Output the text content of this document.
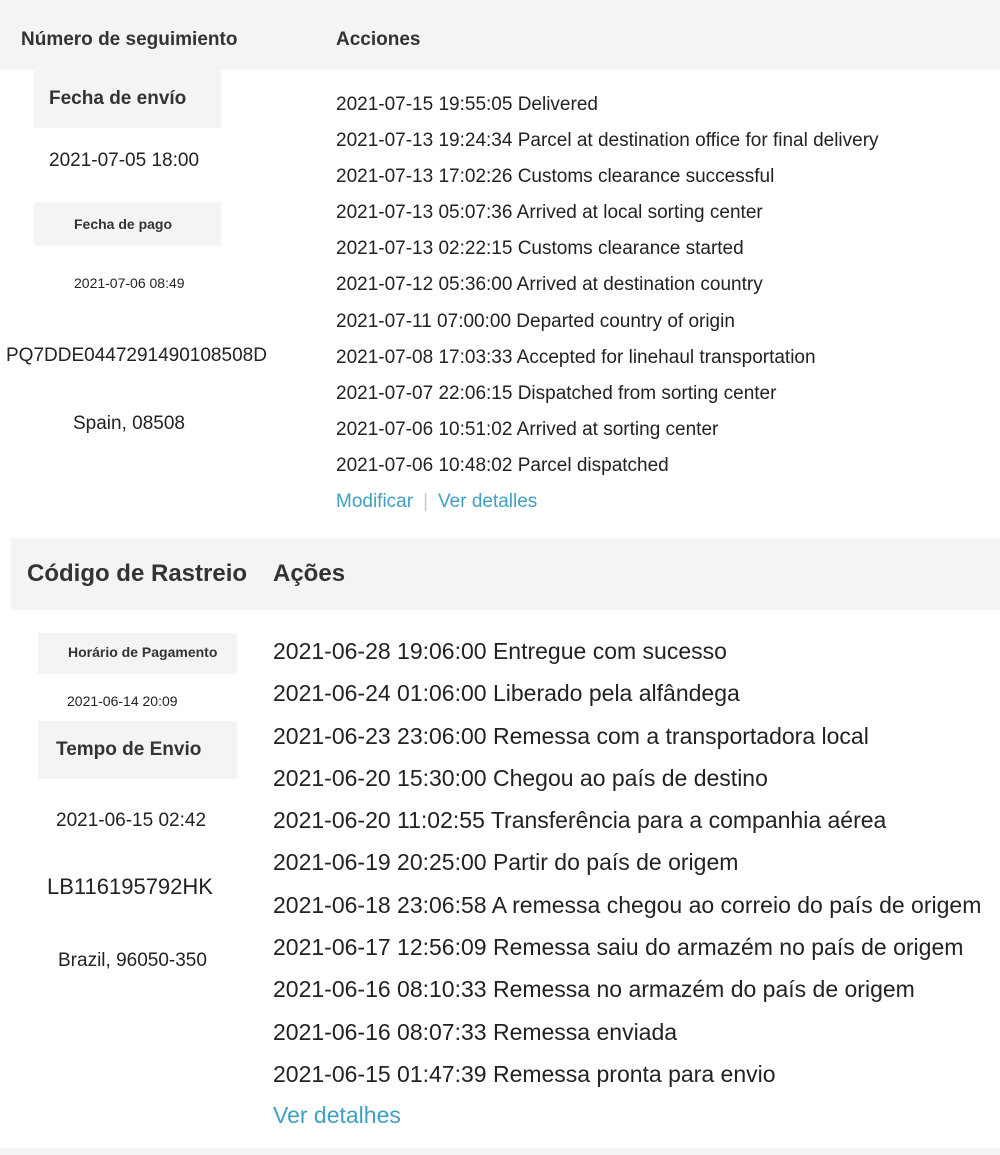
Número de seguimiento	Acciones
Fecha de envío
2021-07-05 18:00
Fecha de pago
2021-07-06 08:49
PQ7DDE0447291490108508D
Spain, 08508
2021-07-15 19:55:05 Delivered
2021-07-13 19:24:34 Parcel at destination office for final delivery
2021-07-13 17:02:26 Customs clearance successful
2021-07-13 05:07:36 Arrived at local sorting center
2021-07-13 02:22:15 Customs clearance started
2021-07-12 05:36:00 Arrived at destination country
2021-07-11 07:00:00 Departed country of origin
2021-07-08 17:03:33 Accepted for linehaul transportation
2021-07-07 22:06:15 Dispatched from sorting center
2021-07-06 10:51:02 Arrived at sorting center
2021-07-06 10:48:02 Parcel dispatched
Modificar | Ver detalles
Código de Rastreio Ações
Horário de Pagamento
2021-06-14 20:09
Tempo de Envio
2021-06-15 02:42
LB116195792HK
Brazil, 96050-350
2021-06-28 19:06:00 Entregue com sucesso
2021-06-24 01:06:00 Liberado pela alfândega
2021-06-23 23:06:00 Remessa com a transportadora local
2021-06-20 15:30:00 Chegou ao país de destino
2021-06-20 11:02:55 Transferência para a companhia aérea
2021-06-19 20:25:00 Partir do país de origem
2021-06-18 23:06:58 A remessa chegou ao correio do país de origem
2021-06-17 12:56:09 Remessa saiu do armazém no país de origem
2021-06-16 08:10:33 Remessa no armazém do país de origem
2021-06-16 08:07:33 Remessa enviada
2021-06-15 01:47:39 Remessa pronta para envio
Ver detalhes
